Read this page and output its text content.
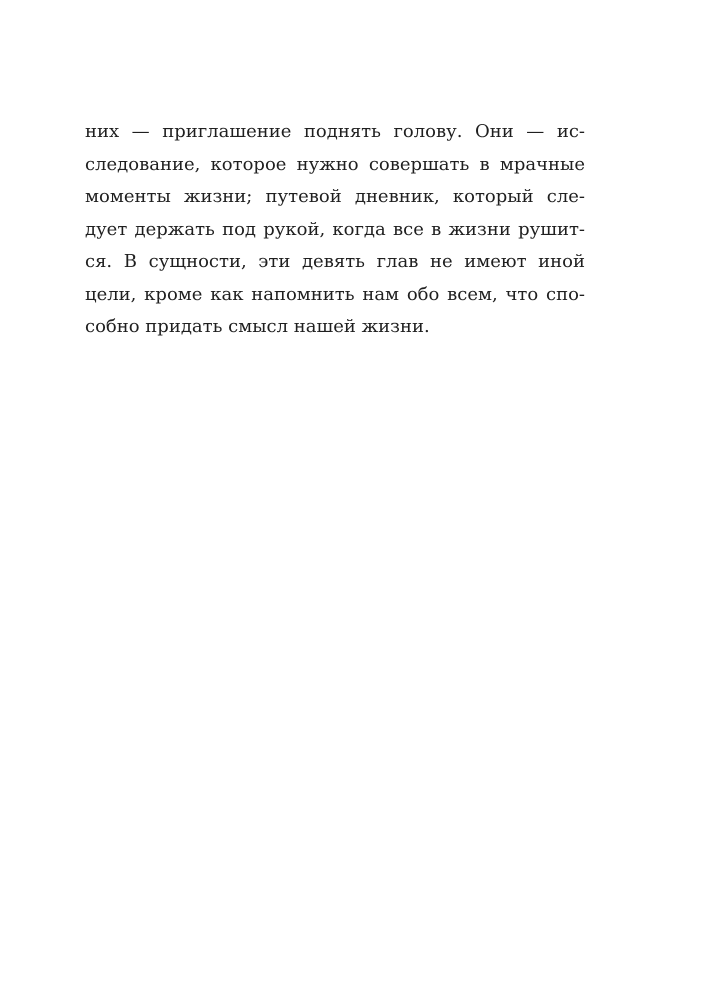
них — приглашение поднять голову. Они — ис-
следование, которое нужно совершать в мрачные
моменты жизни; путевой дневник, который сле-
дует держать под рукой, когда все в жизни рушит-
ся. В сущности, эти девять глав не имеют иной
цели, кроме как напомнить нам обо всем, что спо-
собно придать смысл нашей жизни.
